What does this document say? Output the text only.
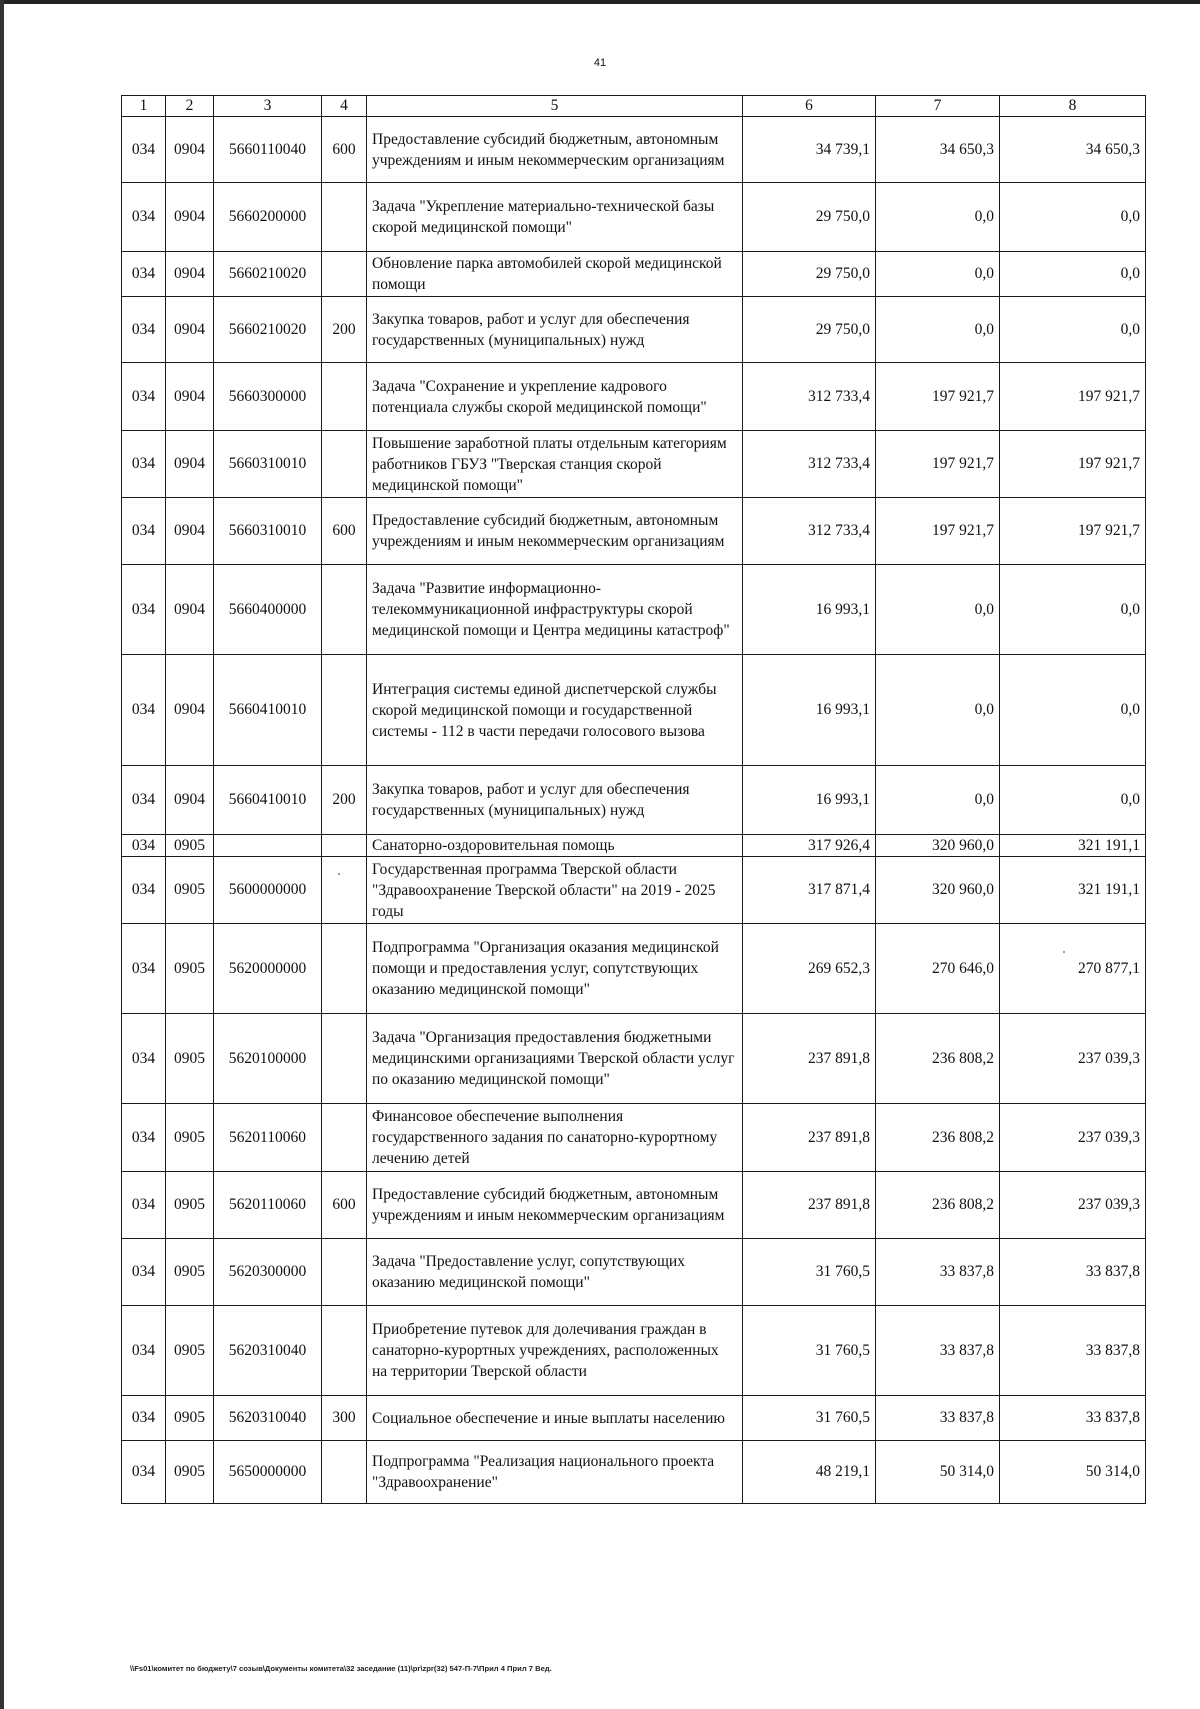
41
1	2	3	4	5	6	7	8
034	0904	5660110040	600	Предоставление субсидий бюджетным, автономным учреждениям и иным некоммерческим организациям	34 739,1	34 650,3	34 650,3
034	0904	5660200000		Задача "Укрепление материально-технической базы скорой медицинской помощи"	29 750,0	0,0	0,0
034	0904	5660210020		Обновление парка автомобилей скорой медицинской помощи	29 750,0	0,0	0,0
034	0904	5660210020	200	Закупка товаров, работ и услуг для обеспечения государственных (муниципальных) нужд	29 750,0	0,0	0,0
034	0904	5660300000		Задача "Сохранение и укрепление кадрового потенциала службы скорой медицинской помощи"	312 733,4	197 921,7	197 921,7
034	0904	5660310010		Повышение заработной платы отдельным категориям работников ГБУЗ "Тверская станция скорой медицинской помощи"	312 733,4	197 921,7	197 921,7
034	0904	5660310010	600	Предоставление субсидий бюджетным, автономным учреждениям и иным некоммерческим организациям	312 733,4	197 921,7	197 921,7
034	0904	5660400000		Задача "Развитие информационно-телекоммуникационной инфраструктуры скорой медицинской помощи и Центра медицины катастроф"	16 993,1	0,0	0,0
034	0904	5660410010		Интеграция системы единой диспетчерской службы скорой медицинской помощи и государственной системы - 112 в части передачи голосового вызова	16 993,1	0,0	0,0
034	0904	5660410010	200	Закупка товаров, работ и услуг для обеспечения государственных (муниципальных) нужд	16 993,1	0,0	0,0
034	0905			Санаторно-оздоровительная помощь	317 926,4	320 960,0	321 191,1
034	0905	5600000000		Государственная программа Тверской области "Здравоохранение Тверской области" на 2019 - 2025 годы	317 871,4	320 960,0	321 191,1
034	0905	5620000000		Подпрограмма "Организация оказания медицинской помощи и предоставления услуг, сопутствующих оказанию медицинской помощи"	269 652,3	270 646,0	270 877,1
034	0905	5620100000		Задача "Организация предоставления бюджетными медицинскими организациями Тверской области услуг по оказанию медицинской помощи"	237 891,8	236 808,2	237 039,3
034	0905	5620110060		Финансовое обеспечение выполнения государственного задания по санаторно-курортному лечению детей	237 891,8	236 808,2	237 039,3
034	0905	5620110060	600	Предоставление субсидий бюджетным, автономным учреждениям и иным некоммерческим организациям	237 891,8	236 808,2	237 039,3
034	0905	5620300000		Задача "Предоставление услуг, сопутствующих оказанию медицинской помощи"	31 760,5	33 837,8	33 837,8
034	0905	5620310040		Приобретение путевок для долечивания граждан в санаторно-курортных учреждениях, расположенных на территории Тверской области	31 760,5	33 837,8	33 837,8
034	0905	5620310040	300	Социальное обеспечение и иные выплаты населению	31 760,5	33 837,8	33 837,8
034	0905	5650000000		Подпрограмма "Реализация национального проекта "Здравоохранение"	48 219,1	50 314,0	50 314,0
\\Fs01\комитет по бюджету\7 созыв\Документы комитета\32 заседание (11)\pr\zpr(32) 547-П-7\Прил 4 Прил 7 Вед.
